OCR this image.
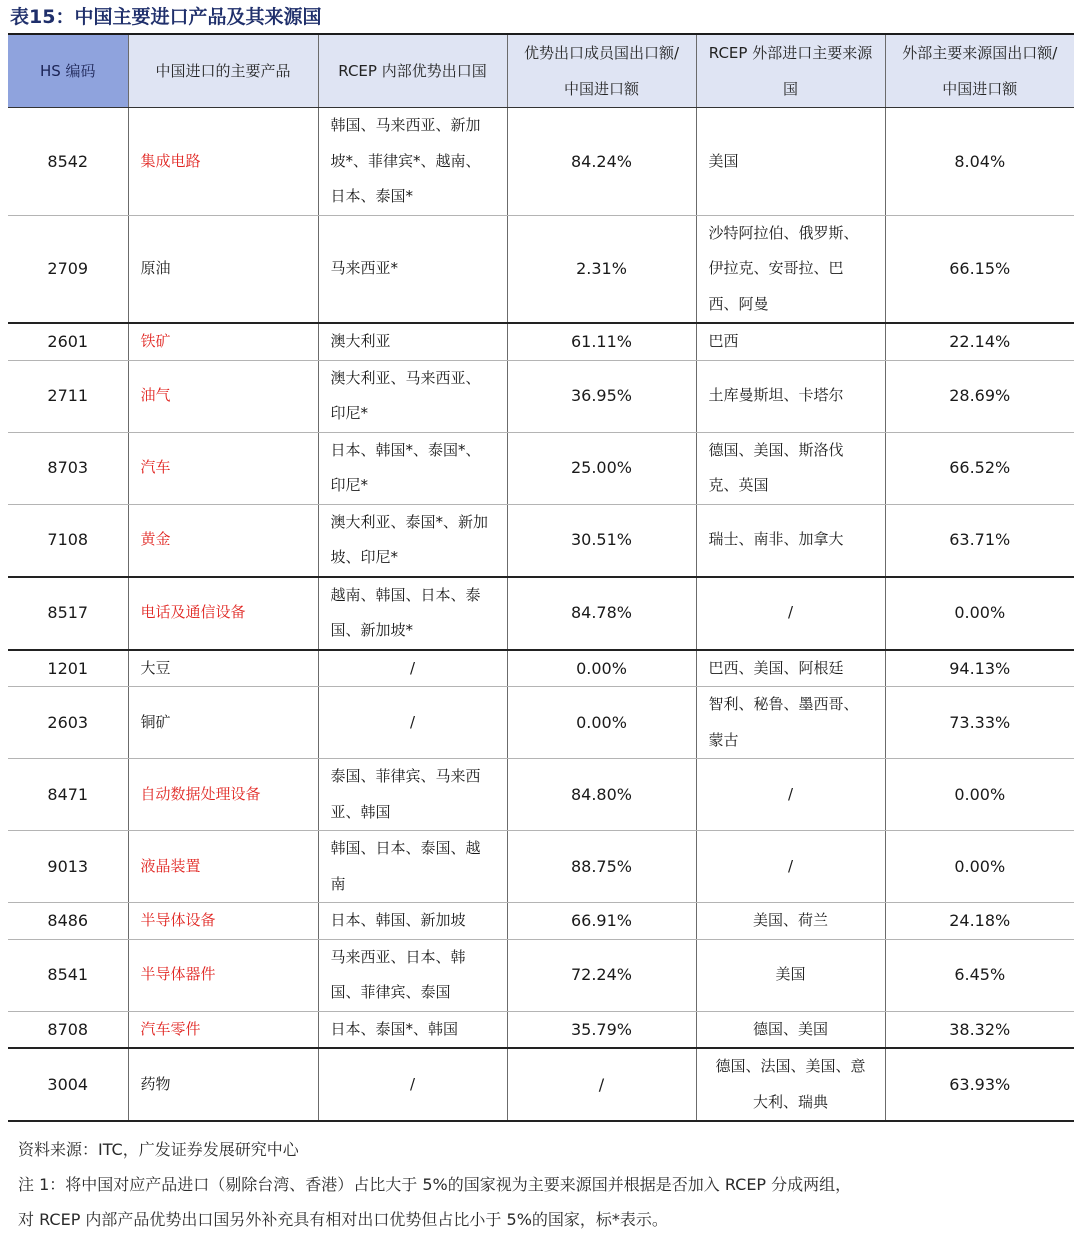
表15：中国主要进口产品及其来源国
HS 编码	中国进口的主要产品	RCEP 内部优势出口国	优势出口成员国出口额/中国进口额	RCEP 外部进口主要来源国	外部主要来源国出口额/中国进口额
8542	集成电路	韩国、马来西亚、新加坡*、菲律宾*、越南、日本、泰国*	84.24%	美国	8.04%
2709	原油	马来西亚*	2.31%	沙特阿拉伯、俄罗斯、伊拉克、安哥拉、巴西、阿曼	66.15%
2601	铁矿	澳大利亚	61.11%	巴西	22.14%
2711	油气	澳大利亚、马来西亚、印尼*	36.95%	土库曼斯坦、卡塔尔	28.69%
8703	汽车	日本、韩国*、泰国*、印尼*	25.00%	德国、美国、斯洛伐克、英国	66.52%
7108	黄金	澳大利亚、泰国*、新加坡、印尼*	30.51%	瑞士、南非、加拿大	63.71%
8517	电话及通信设备	越南、韩国、日本、泰国、新加坡*	84.78%	/	0.00%
1201	大豆	/	0.00%	巴西、美国、阿根廷	94.13%
2603	铜矿	/	0.00%	智利、秘鲁、墨西哥、蒙古	73.33%
8471	自动数据处理设备	泰国、菲律宾、马来西亚、韩国	84.80%	/	0.00%
9013	液晶装置	韩国、日本、泰国、越南	88.75%	/	0.00%
8486	半导体设备	日本、韩国、新加坡	66.91%	美国、荷兰	24.18%
8541	半导体器件	马来西亚、日本、韩国、菲律宾、泰国	72.24%	美国	6.45%
8708	汽车零件	日本、泰国*、韩国	35.79%	德国、美国	38.32%
3004	药物	/	/	德国、法国、美国、意大利、瑞典	63.93%
资料来源：ITC，广发证券发展研究中心
注 1：将中国对应产品进口（剔除台湾、香港）占比大于 5%的国家视为主要来源国并根据是否加入 RCEP 分成两组，
对 RCEP 内部产品优势出口国另外补充具有相对出口优势但占比小于 5%的国家，标*表示。
